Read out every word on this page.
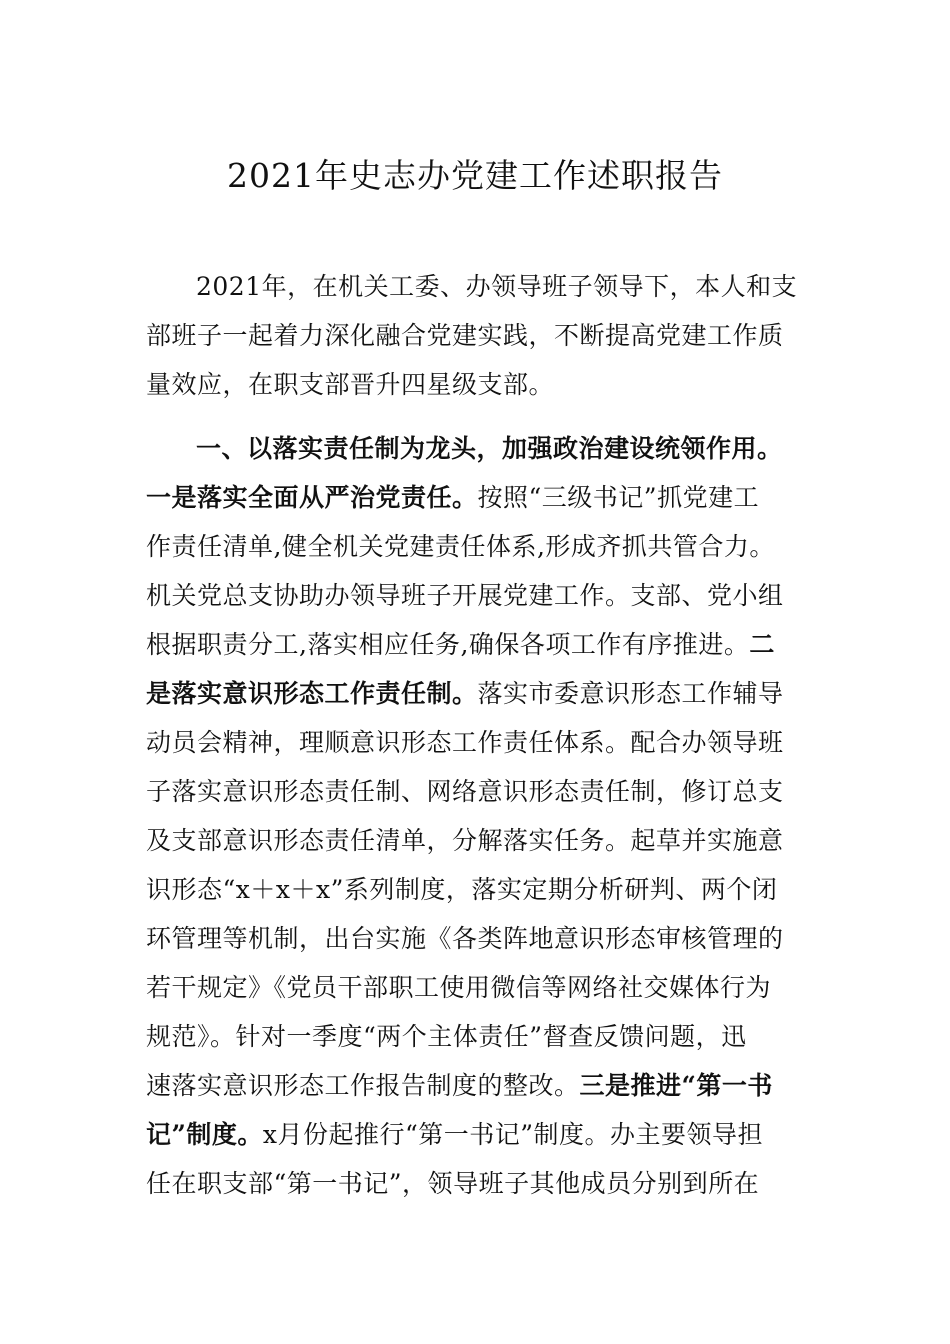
2021年史志办党建工作述职报告

2021年，在机关工委、办领导班子领导下，本人和支

部班子一起着力深化融合党建实践，不断提高党建工作质

量效应，在职支部晋升四星级支部。

一、以落实责任制为龙头，加强政治建设统领作用。

一是落实全面从严治党责任。按照“三级书记”抓党建工

作责任清单,健全机关党建责任体系,形成齐抓共管合力。

机关党总支协助办领导班子开展党建工作。支部、党小组

根据职责分工,落实相应任务,确保各项工作有序推进。二

是落实意识形态工作责任制。落实市委意识形态工作辅导

动员会精神，理顺意识形态工作责任体系。配合办领导班

子落实意识形态责任制、网络意识形态责任制，修订总支

及支部意识形态责任清单，分解落实任务。起草并实施意

识形态“x＋x＋x”系列制度，落实定期分析研判、两个闭

环管理等机制，出台实施《各类阵地意识形态审核管理的

若干规定》《党员干部职工使用微信等网络社交媒体行为

规范》。针对一季度“两个主体责任”督查反馈问题，迅

速落实意识形态工作报告制度的整改。三是推进“第一书

记”制度。x月份起推行“第一书记”制度。办主要领导担

任在职支部“第一书记”，领导班子其他成员分别到所在
